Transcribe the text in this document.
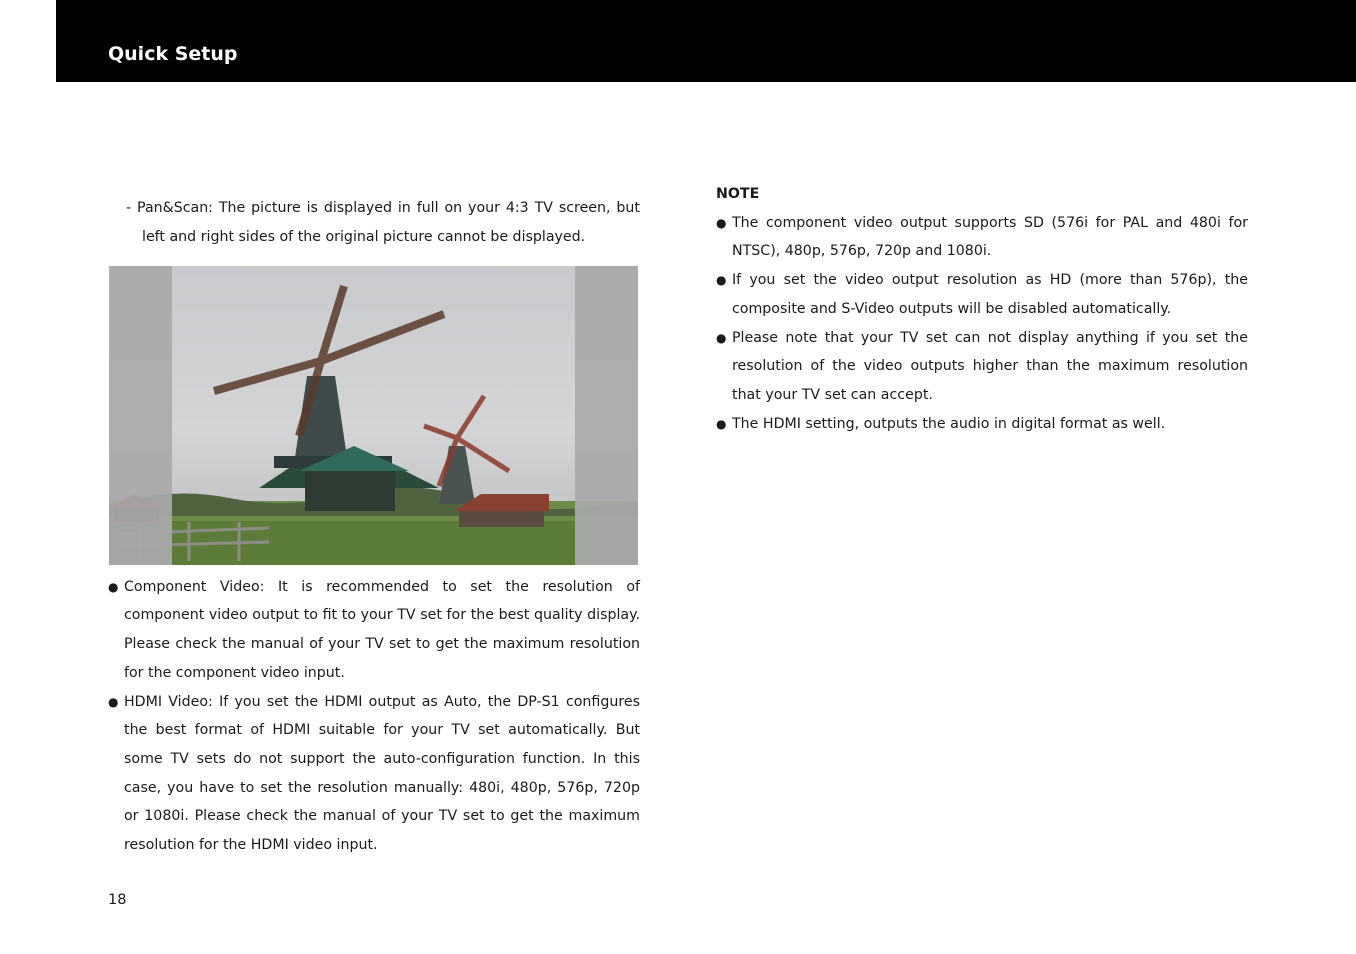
Quick Setup

- Pan&Scan: The picture is displayed in full on your 4:3 TV screen, but left and right sides of the original picture cannot be displayed.

● Component Video: It is recommended to set the resolution of component video output to fit to your TV set for the best quality display. Please check the manual of your TV set to get the maximum resolution for the component video input.
● HDMI Video: If you set the HDMI output as Auto, the DP-S1 configures the best format of HDMI suitable for your TV set automatically. But some TV sets do not support the auto-configuration function. In this case, you have to set the resolution manually: 480i, 480p, 576p, 720p or 1080i. Please check the manual of your TV set to get the maximum resolution for the HDMI video input.

NOTE

● The component video output supports SD (576i for PAL and 480i for NTSC), 480p, 576p, 720p and 1080i.
● If you set the video output resolution as HD (more than 576p), the composite and S-Video outputs will be disabled automatically.
● Please note that your TV set can not display anything if you set the resolution of the video outputs higher than the maximum resolution that your TV set can accept.
● The HDMI setting, outputs the audio in digital format as well.
18
